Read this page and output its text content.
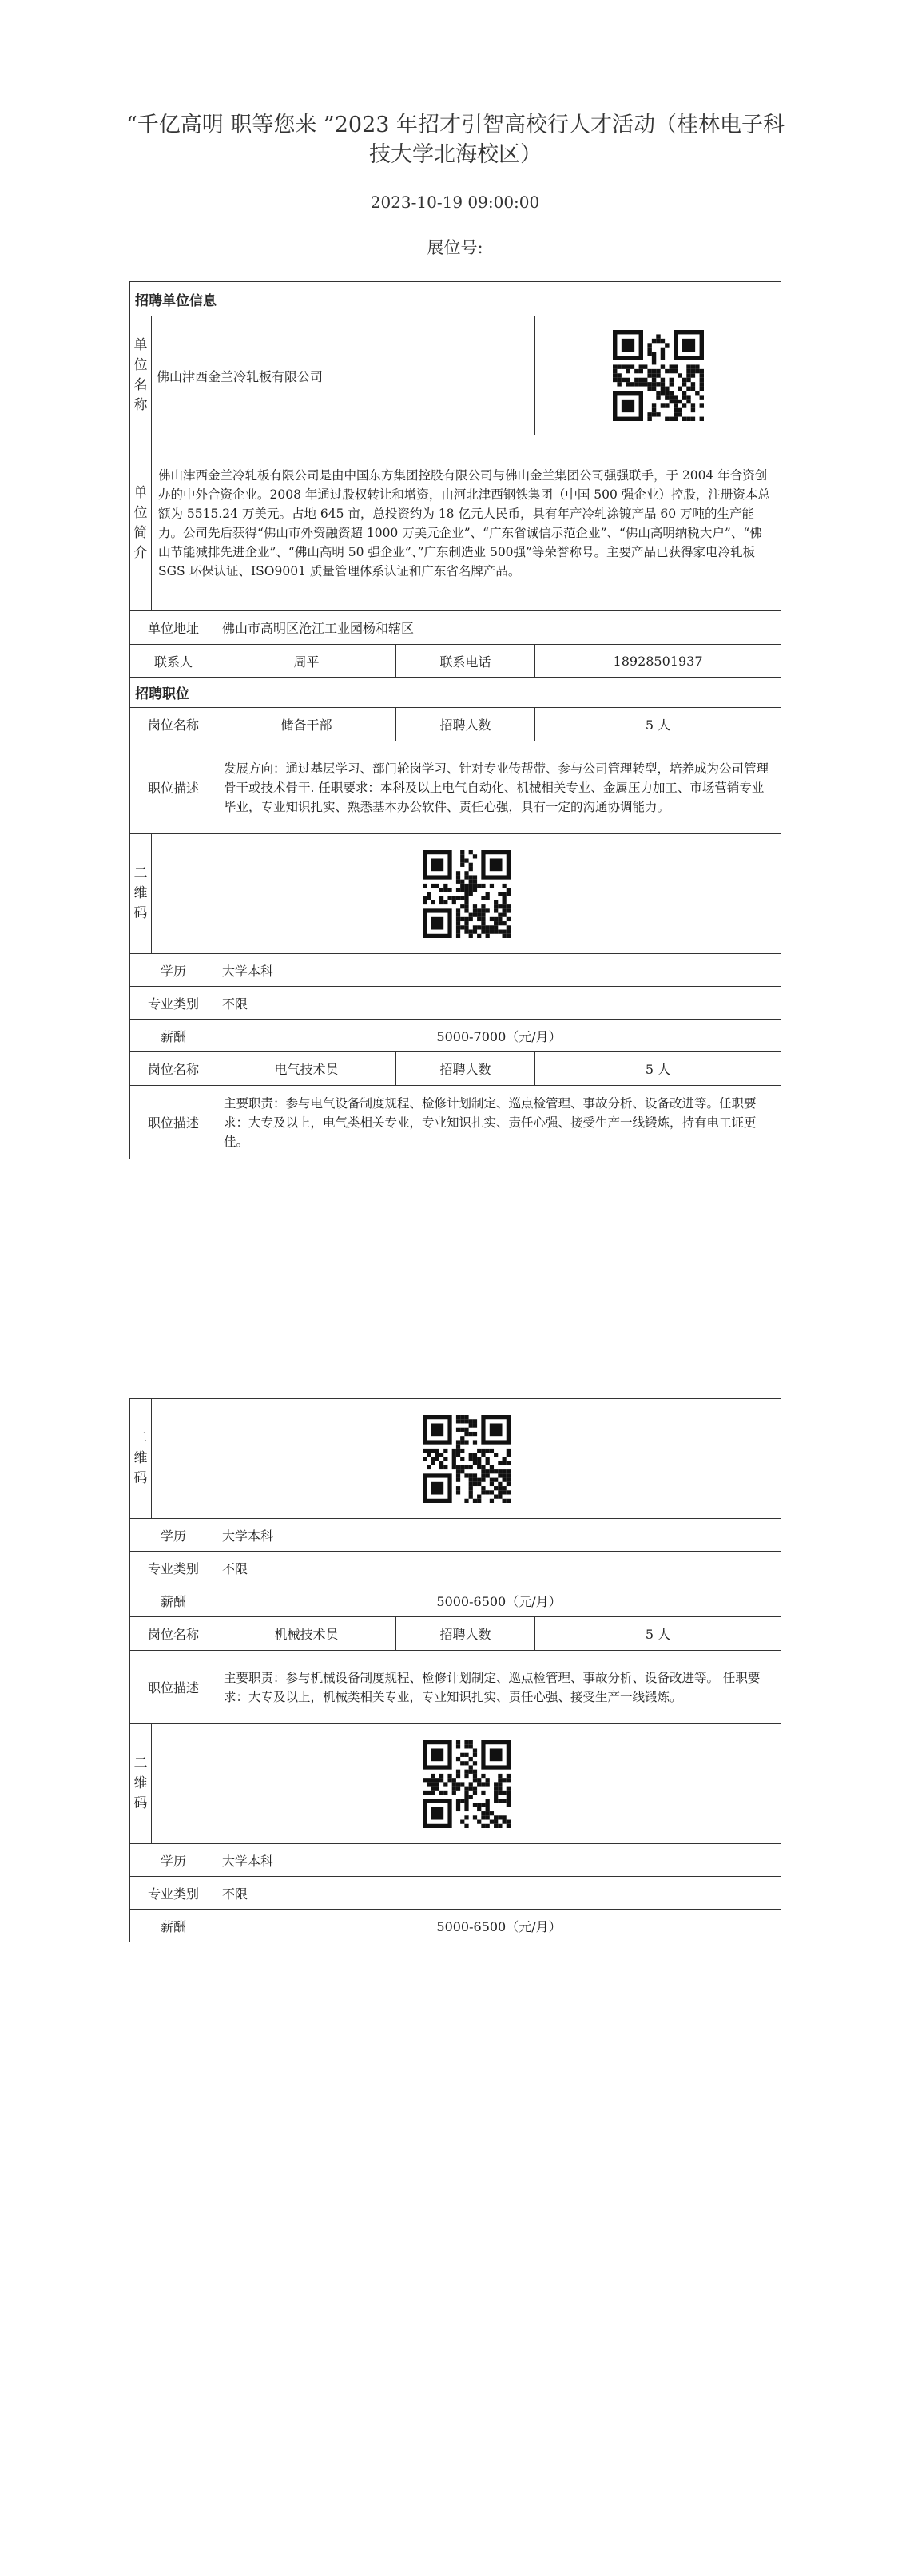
“千亿高明 职等您来 ”2023 年招才引智高校行人才活动（桂林电子科技大学北海校区）
2023-10-19 09:00:00
展位号:
招聘单位信息				
单位名称	佛山津西金兰冷轧板有限公司	

单位简介	佛山津西金兰冷轧板有限公司是由中国东方集团控股有限公司与佛山金兰集团公司强强联手，于 2004 年合资创办的中外合资企业。2008 年通过股权转让和增资，由河北津西钢铁集团（中国 500 强企业）控股，注册资本总额为 5515.24 万美元。占地 645 亩，总投资约为 18 亿元人民币，具有年产冷轧涂镀产品 60 万吨的生产能力。公司先后获得“佛山市外资融资超 1000 万美元企业”、“广东省诚信示范企业”、“佛山高明纳税大户”、“佛山节能减排先进企业”、“佛山高明 50 强企业”、”广东制造业 500强”等荣誉称号。主要产品已获得家电冷轧板 SGS 环保认证、ISO9001 质量管理体系认证和广东省名牌产品。			
单位地址		佛山市高明区沧江工业园杨和辖区		
联系人		周平	联系电话	18928501937
招聘职位				
岗位名称		储备干部	招聘人数	5 人
职位描述		发展方向：通过基层学习、部门轮岗学习、针对专业传帮带、参与公司管理转型，培养成为公司管理骨干或技术骨干. 任职要求：本科及以上电气自动化、机械相关专业、金属压力加工、市场营销专业毕业，专业知识扎实、熟悉基本办公软件、责任心强，具有一定的沟通协调能力。		
二维码	

学历		大学本科		
专业类别		不限		
薪酬		5000-7000（元/月）		
岗位名称		电气技术员	招聘人数	5 人
职位描述		主要职责：参与电气设备制度规程、检修计划制定、巡点检管理、事故分析、设备改进等。任职要求：大专及以上，电气类相关专业，专业知识扎实、责任心强、接受生产一线锻炼，持有电工证更佳。		
二维码	

学历		大学本科		
专业类别		不限		
薪酬		5000-6500（元/月）		
岗位名称		机械技术员	招聘人数	5 人
职位描述		主要职责：参与机械设备制度规程、检修计划制定、巡点检管理、事故分析、设备改进等。 任职要求：大专及以上，机械类相关专业，专业知识扎实、责任心强、接受生产一线锻炼。		
二维码	

学历		大学本科		
专业类别		不限		
薪酬		5000-6500（元/月）		
